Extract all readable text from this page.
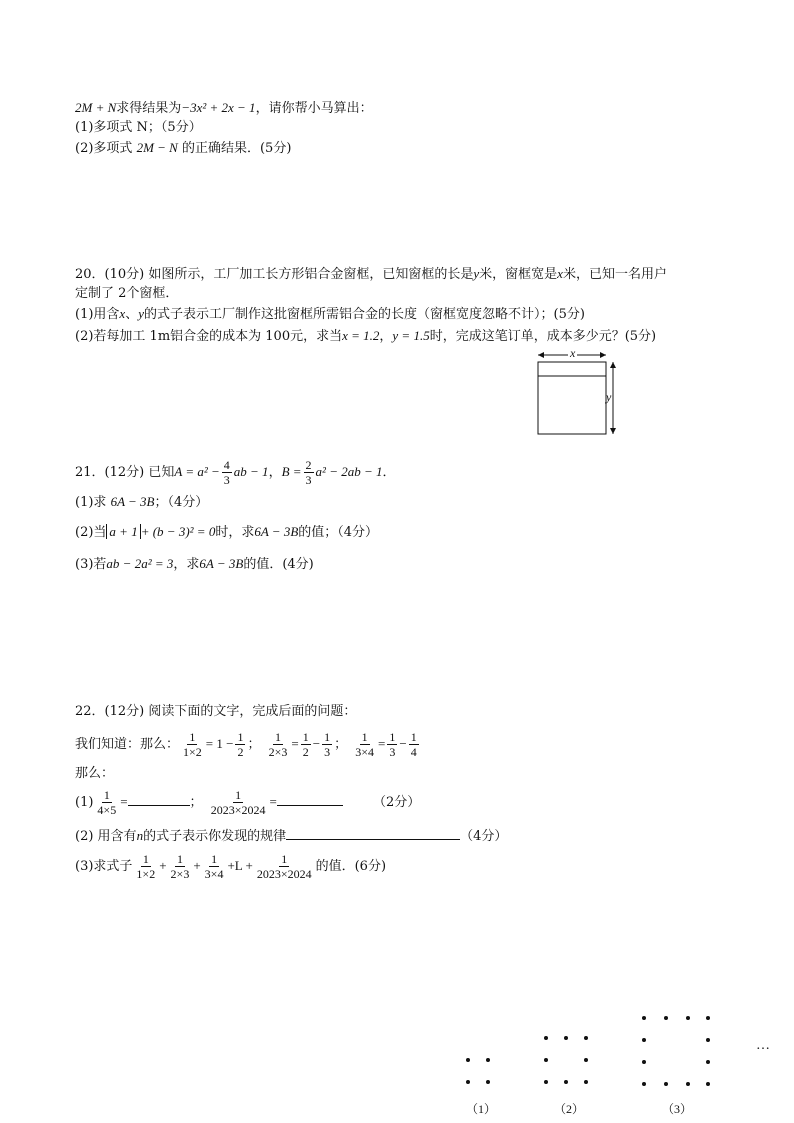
2M + N求得结果为−3x² + 2x − 1，请你帮小马算出：
(1)多项式 N；（5分）
(2)多项式 2M − N 的正确结果．(5分)
20．(10分) 如图所示，工厂加工长方形铝合金窗框，已知窗框的长是y米，窗框宽是x米，已知一名用户
定制了 2个窗框．
(1)用含x、y的式子表示工厂制作这批窗框所需铝合金的长度（窗框宽度忽略不计）；(5分)
(2)若每加工 1m铝合金的成本为 100元，求当x = 1.2，y = 1.5时，完成这笔订单，成本多少元？(5分)
x
y
21．(12分) 已知$A = a^2 - \frac{4}{3}$ ab − 1，$B = \frac{2}{3} a^2 - 2ab - 1$．
(1)求 6A − 3B；（4分）
(2)当 a + 1 + (b − 3)² = 0时，求6A − 3B的值；（4分）
(3)若ab − 2a² = 3，求6A − 3B的值．(4分)
22．(12分) 阅读下面的文字，完成后面的问题：
我们知道：那么： $\frac{1}{1\times 2} = 1 - \frac{1}{2}$ ； $\frac{1}{2\times 3} = \frac{1}{2} - \frac{1}{3}$ ； $\frac{1}{3\times 4} = \frac{1}{3} - \frac{1}{4}$
那么：
$(1) \frac{1}{4\times 5}$ =	； $\frac{1}{2023\times 2024}$ =	（2分）
(2) 用含有n的式子表示你发现的规律	（4分）
(3)求式子 $\frac{1}{1\times 2} + \frac{1}{2\times 3} + \frac{1}{3\times 4} +L + \frac{1}{2023\times 2024}$ 的值．(6分)
…
（1）	（2）	（3）
